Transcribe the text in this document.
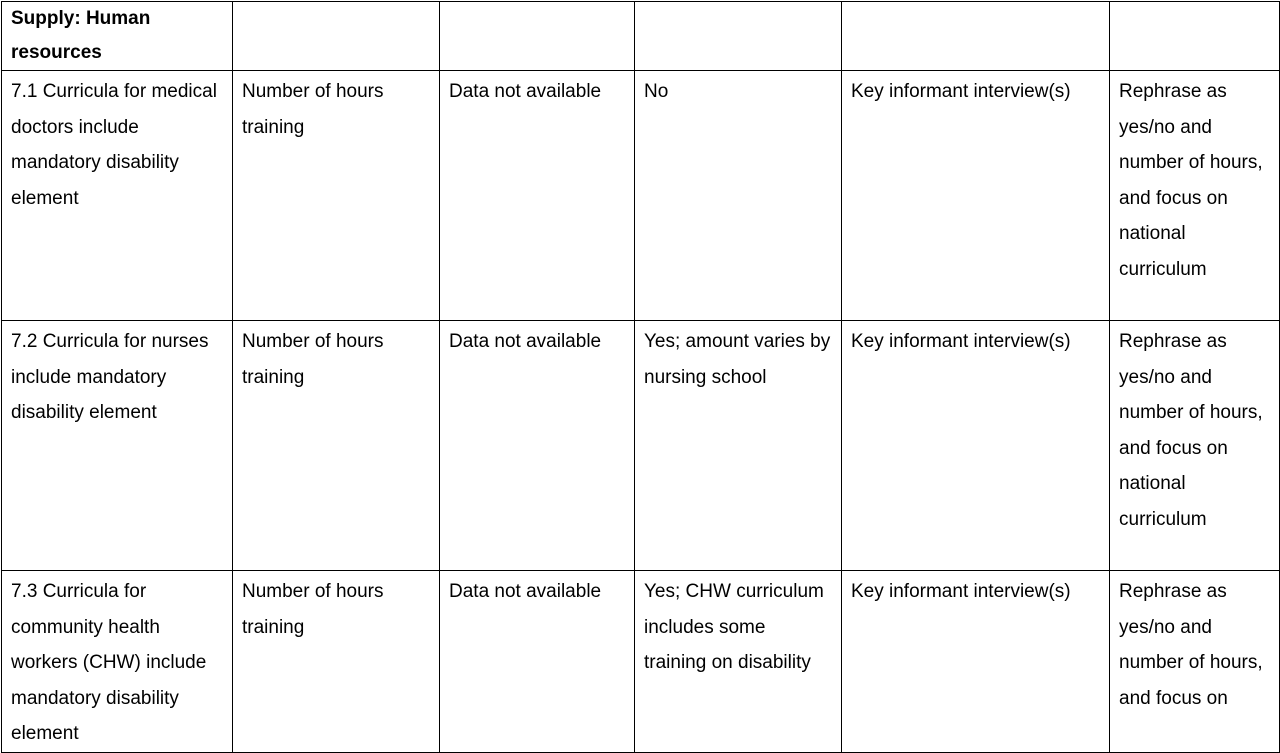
Supply: Human resources					

7.1 Curricula for medical doctors include mandatory disability element	Number of hours training	Data not available	No	Key informant interview(s)	Rephrase as yes/no and number of hours, and focus on national curriculum

7.2 Curricula for nurses include mandatory disability element	Number of hours training	Data not available	Yes; amount varies by nursing school	Key informant interview(s)	Rephrase as yes/no and number of hours, and focus on national curriculum

7.3 Curricula for community health workers (CHW) include mandatory disability element	Number of hours training	Data not available	Yes; CHW curriculum includes some training on disability	Key informant interview(s)	Rephrase as yes/no and number of hours, and focus on
